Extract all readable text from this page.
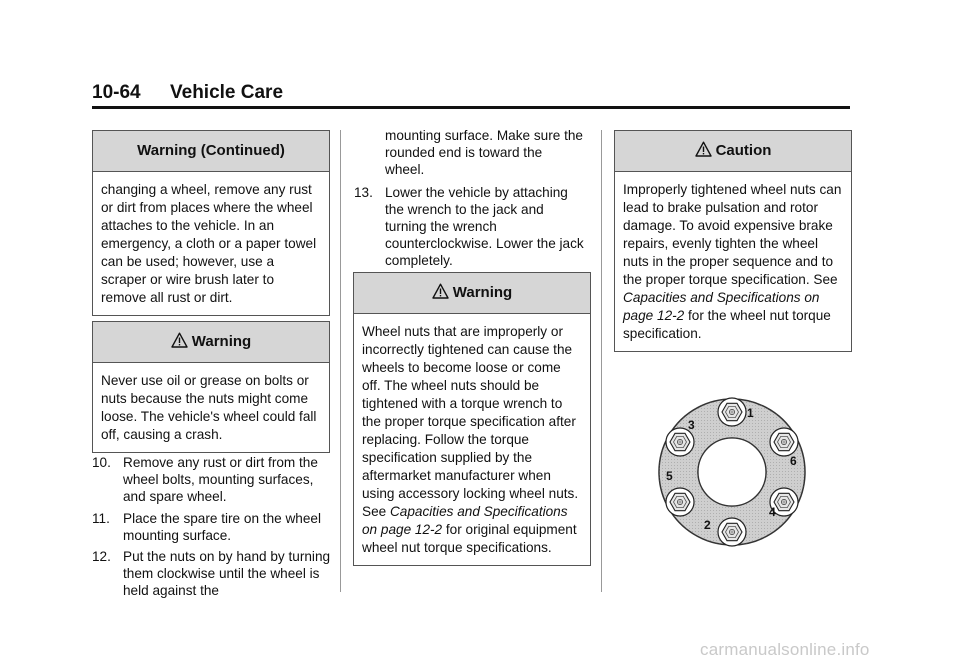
10-64 Vehicle Care
Warning (Continued)
changing a wheel, remove any rust or dirt from places where the wheel attaches to the vehicle. In an emergency, a cloth or a paper towel can be used; however, use a scraper or wire brush later to remove all rust or dirt.
Warning
Never use oil or grease on bolts or nuts because the nuts might come loose. The vehicle's wheel could fall off, causing a crash.
10. Remove any rust or dirt from the wheel bolts, mounting surfaces, and spare wheel.
11. Place the spare tire on the wheel mounting surface.
12. Put the nuts on by hand by turning them clockwise until the wheel is held against the
mounting surface. Make sure the rounded end is toward the wheel.
13. Lower the vehicle by attaching the wrench to the jack and turning the wrench counterclockwise. Lower the jack completely.
Warning
Wheel nuts that are improperly or incorrectly tightened can cause the wheels to become loose or come off. The wheel nuts should be tightened with a torque wrench to the proper torque specification after replacing. Follow the torque specification supplied by the aftermarket manufacturer when using accessory locking wheel nuts. See Capacities and Specifications on page 12-2 for original equipment wheel nut torque specifications.
Caution
Improperly tightened wheel nuts can lead to brake pulsation and rotor damage. To avoid expensive brake repairs, evenly tighten the wheel nuts in the proper sequence and to the proper torque specification. See Capacities and Specifications on page 12-2 for the wheel nut torque specification.
1
2
3
4
5
6
carmanualsonline.info
